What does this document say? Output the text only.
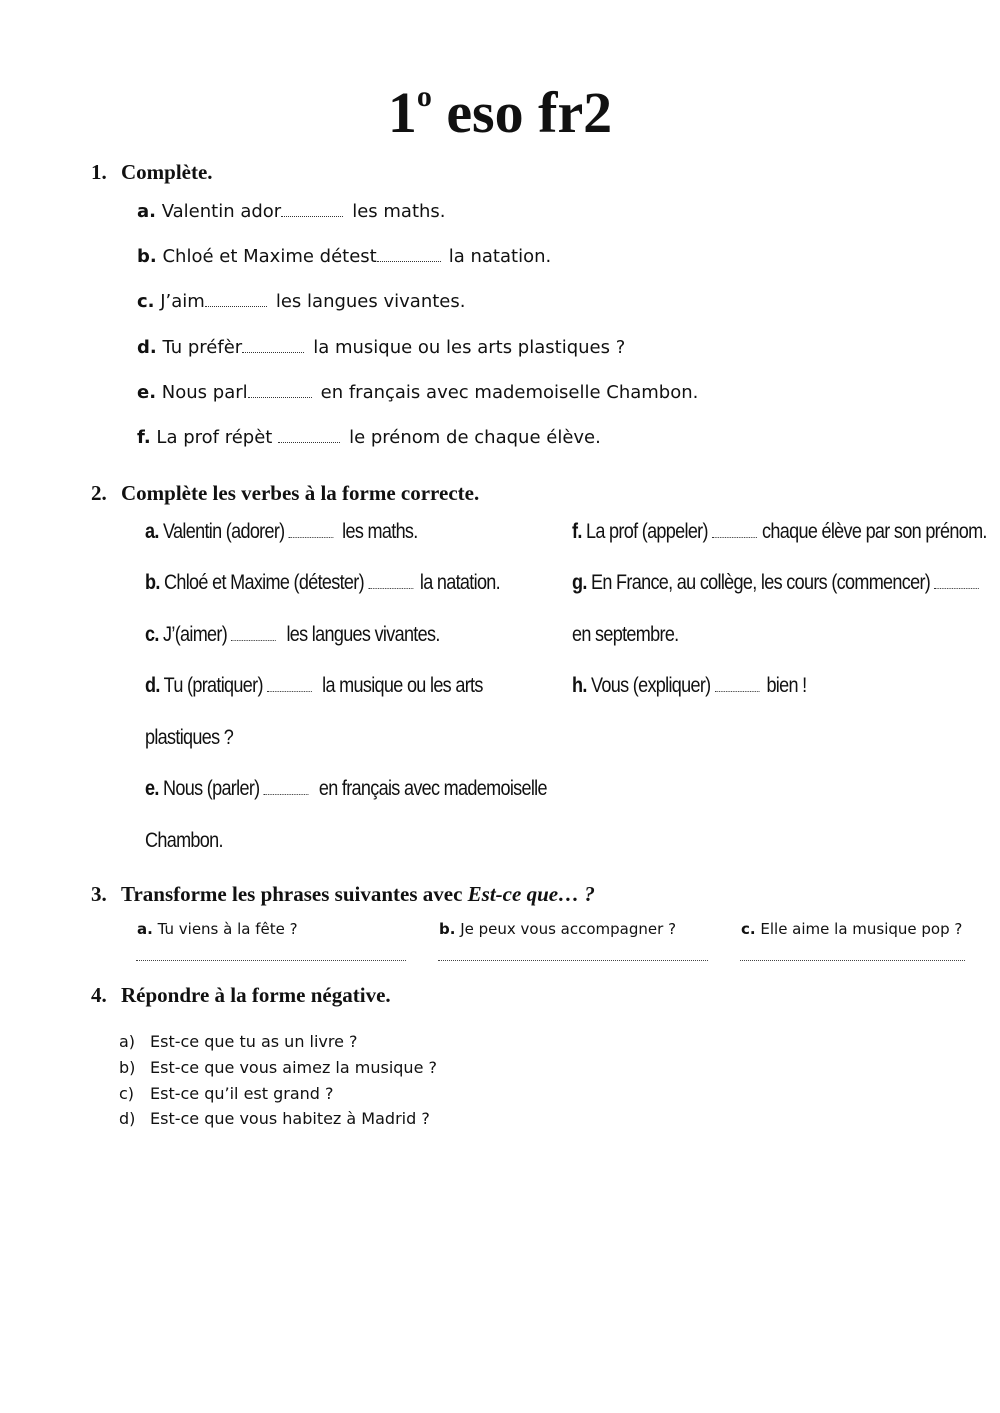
1$^o$ eso fr2
1. Complète.
a. Valentin ador	les maths.
b. Chloé et Maxime détest	la natation.
c. J’aim	les langues vivantes.
d. Tu préfèr	la musique ou les arts plastiques ?
e. Nous parl	en français avec mademoiselle Chambon.
f. La prof répèt	le prénom de chaque élève.
2. Complète les verbes à la forme correcte.
a. Valentin (adorer)	les maths.
b. Chloé et Maxime (détester)	la natation.
c. J’(aimer)	les langues vivantes.
d. Tu (pratiquer)	la musique ou les arts
plastiques ?
e. Nous (parler)	en français avec mademoiselle
Chambon.
f. La prof (appeler)	chaque élève par son prénom.
g. En France, au collège, les cours (commencer)
en septembre.
h. Vous (expliquer)	bien !
3. Transforme les phrases suivantes avec Est-ce que… ?
a. Tu viens à la fête ?	b. Je peux vous accompagner ?	c. Elle aime la musique pop ?
4. Répondre à la forme négative.
a) Est-ce que tu as un livre ?
b) Est-ce que vous aimez la musique ?
c) Est-ce qu’il est grand ?
d) Est-ce que vous habitez à Madrid ?
